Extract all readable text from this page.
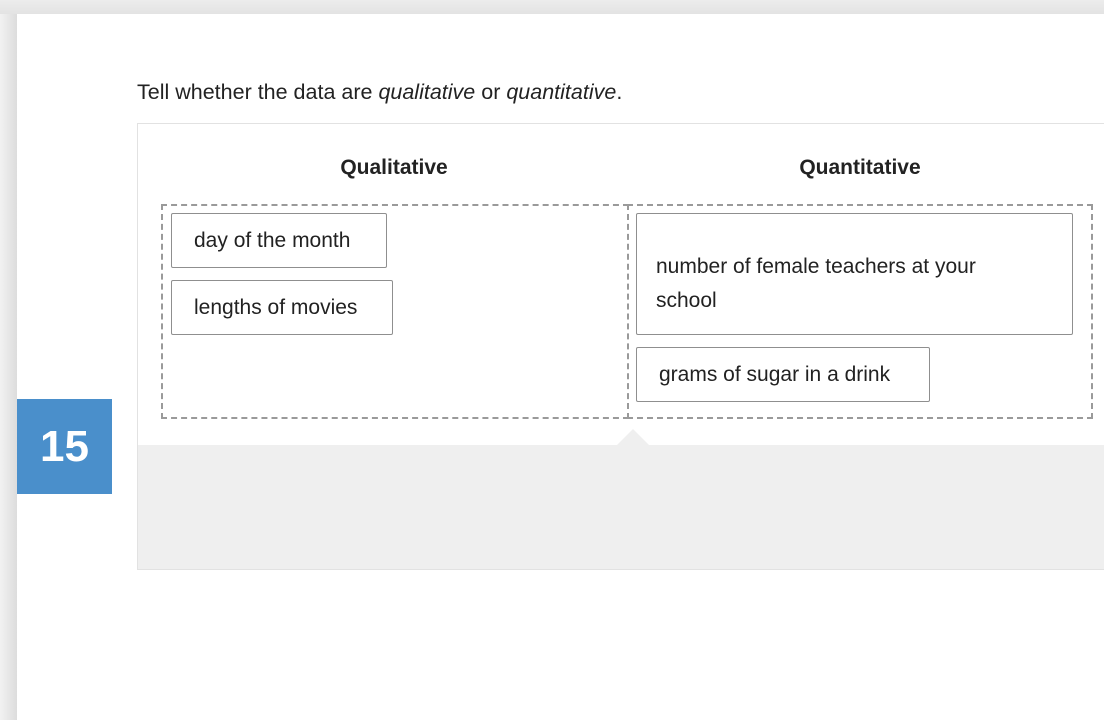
Tell whether the data are qualitative or quantitative.
15
Qualitative	Quantitative
day of the month
lengths of movies
number of female teachers at your school
grams of sugar in a drink
